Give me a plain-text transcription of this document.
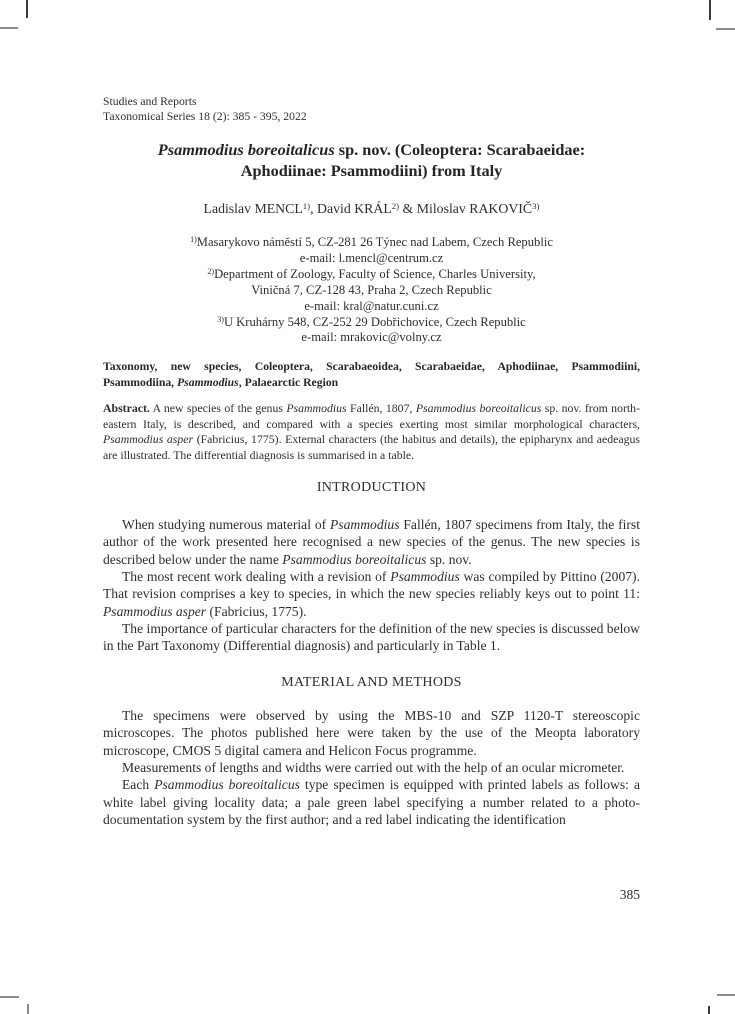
Studies and Reports
Taxonomical Series 18 (2): 385 - 395, 2022
Psammodius boreoitalicus sp. nov. (Coleoptera: Scarabaeidae:
Aphodiinae: Psammodiini) from Italy
Ladislav MENCL$^{1)}$, David KRÁL$^{2)}$ & Miloslav RAKOVIČ$^{3)}$
$^{1)}$Masarykovo náměstí 5, CZ-281 26 Týnec nad Labem, Czech Republic
e-mail: l.mencl@centrum.cz
$^{2)}$Department of Zoology, Faculty of Science, Charles University,
Viničná 7, CZ-128 43, Praha 2, Czech Republic
e-mail: kral@natur.cuni.cz
$^{3)}$U Kruhárny 548, CZ-252 29 Dobřichovice, Czech Republic
e-mail: mrakovic@volny.cz
Taxonomy, new species, Coleoptera, Scarabaeoidea, Scarabaeidae, Aphodiinae, Psammodiini, Psammodiina, Psammodius, Palaearctic Region
Abstract. A new species of the genus Psammodius Fallén, 1807, Psammodius boreoitalicus sp. nov. from north-eastern Italy, is described, and compared with a species exerting most similar morphological characters, Psammodius asper (Fabricius, 1775). External characters (the habitus and details), the epipharynx and aedeagus are illustrated. The differential diagnosis is summarised in a table.
INTRODUCTION

When studying numerous material of Psammodius Fallén, 1807 specimens from Italy, the first author of the work presented here recognised a new species of the genus. The new species is described below under the name Psammodius boreoitalicus sp. nov.

The most recent work dealing with a revision of Psammodius was compiled by Pittino (2007). That revision comprises a key to species, in which the new species reliably keys out to point 11: Psammodius asper (Fabricius, 1775).

The importance of particular characters for the definition of the new species is discussed below in the Part Taxonomy (Differential diagnosis) and particularly in Table 1.

MATERIAL AND METHODS

The specimens were observed by using the MBS-10 and SZP 1120-T stereoscopic microscopes. The photos published here were taken by the use of the Meopta laboratory microscope, CMOS 5 digital camera and Helicon Focus programme.

Measurements of lengths and widths were carried out with the help of an ocular micrometer.

Each Psammodius boreoitalicus type specimen is equipped with printed labels as follows: a white label giving locality data; a pale green label specifying a number related to a photo-documentation system by the first author; and a red label indicating the identification

385
